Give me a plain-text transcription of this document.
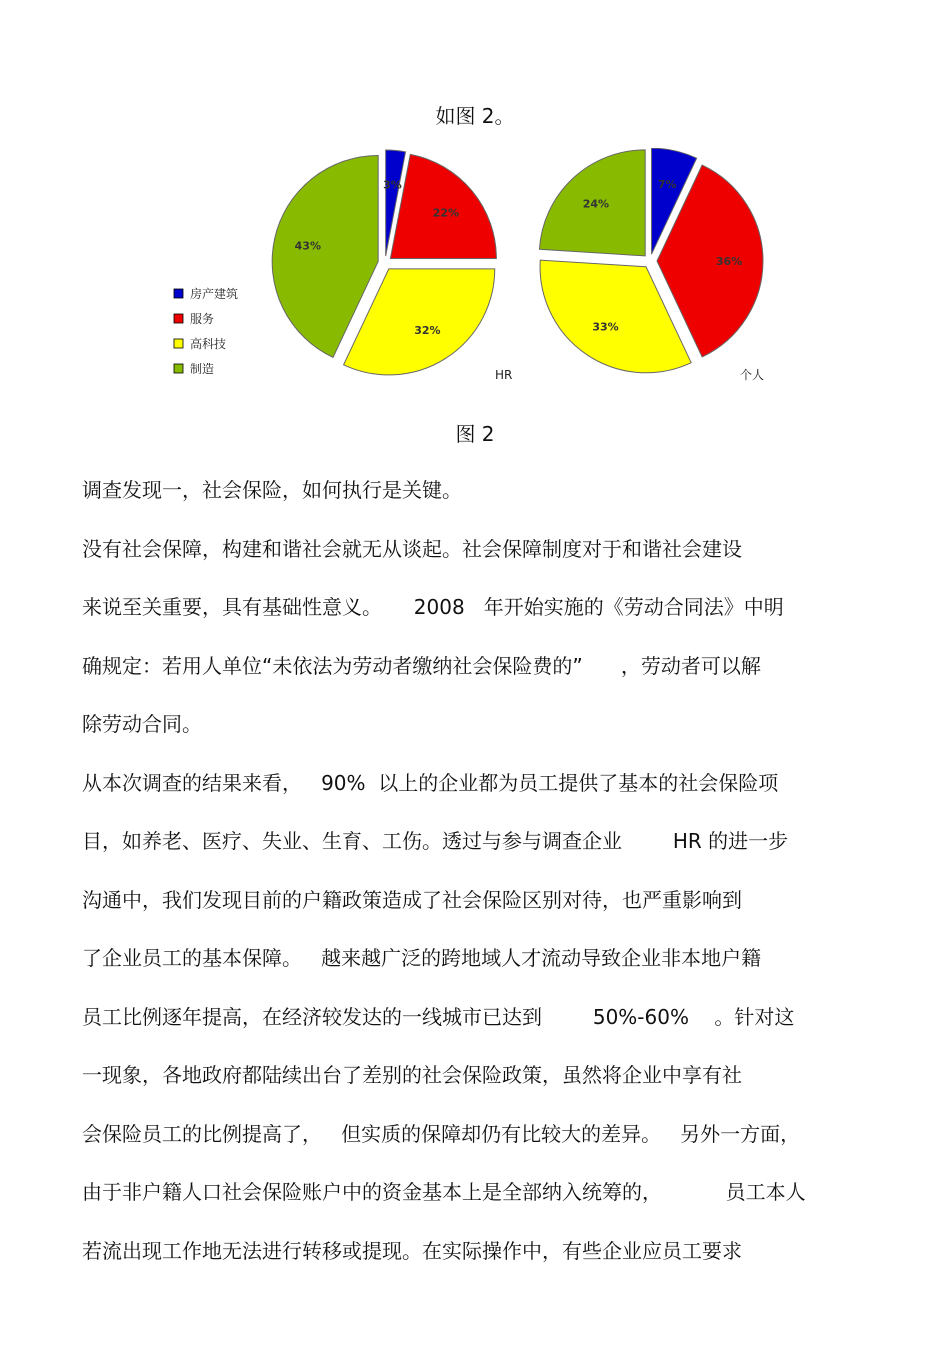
如图 2。
房产建筑
服务
高科技
制造
3%
22%
32%
43%
HR
7%
36%
33%
24%
个人
图 2
调查发现一，社会保险，如何执行是关键。
没有社会保障，构建和谐社会就无从谈起。社会保障制度对于和谐社会建设
来说至关重要，具有基础性意义。     2008   年开始实施的《劳动合同法》中明
确规定：若用人单位“未依法为劳动者缴纳社会保险费的”      ，劳动者可以解
除劳动合同。
从本次调查的结果来看，   90%  以上的企业都为员工提供了基本的社会保险项
目，如养老、医疗、失业、生育、工伤。透过与参与调查企业        HR 的进一步
沟通中，我们发现目前的户籍政策造成了社会保险区别对待，也严重影响到
了企业员工的基本保障。   越来越广泛的跨地域人才流动导致企业非本地户籍
员工比例逐年提高，在经济较发达的一线城市已达到        50%-60%    。针对这
一现象，各地政府都陆续出台了差别的社会保险政策，虽然将企业中享有社
会保险员工的比例提高了，   但实质的保障却仍有比较大的差异。   另外一方面，
由于非户籍人口社会保险账户中的资金基本上是全部纳入统筹的，          员工本人
若流出现工作地无法进行转移或提现。在实际操作中，有些企业应员工要求
